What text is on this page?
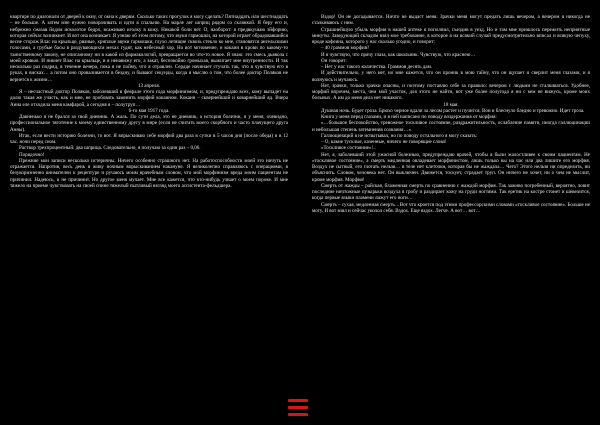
квартире по диагонали от дверей к окну, от окна к дверям. Сколько таких прогулок я могу сделать? Пятнадцать или шестнадцать – не больше. А затем мне нужно поворачивать и идти в спальню. На марле лег шприц рядом со склянкой. Я беру его и, небрежно смазав йодом исколотое бедро, всаживаю иголку в кожу. Никакой боли нет. О, наоборот: я предвкушаю эйфорию, которая сейчас возникнет. И вот она возникает. Я узнаю об этом потому, что звуки гармошки, на которой играет обрадовавшийся весне сторож Влас на крыльце, рваные, хриплые звуки гармошки, глухо летящие сквозь стекло ко мне, становятся ангельскими голосами, а грубые басы в раздувающихся мехах гудят, как небесный хор. Но вот мгновение, и кокаин в крови по какому-то таинственному закону, не описанному ни в какой из фармакологий, превращается во что-то новое. Я знаю: это смесь дьявола с моей кровью. И никнет Влас на крыльце, и я ненавижу его, а закат, беспокойно громыхая, выжигает мне внутренности. И так несколько раз подряд, в течение вечера, пока я не пойму, что я отравлен. Сердце начинает стучать так, что я чувствую его в руках, в висках… а потом оно проваливается в бездну, и бывают секунды, когда я мыслю о том, что более доктор Поляков не вернется к жизни…

13 апреля.

Я – несчастный доктор Поляков, заболевший в феврале этого года морфинизмом, и, предупреждаю всех, кому выпадет на долю такая же участь, как и мне, не пробовать заменить морфий кокаином. Кокаин – сквернейший и коварнейший яд. Вчера Анна еле отходила меня камфарой, а сегодня я – полутруп…

6-го мая 1917 года.

Давненько я не брался за свой дневник. А жаль. По сути дела, это не дневник, а история болезни, и у меня, очевидно, профессиональное тяготение к моему единственному другу в мире (если не считать моего скорбного и часто плачущего друга Анны).

Итак, если вести историю болезни, то вот. Я впрыскиваю себе морфий два раза в сутки в 5 часов дня (после обеда) и в 12 час. ночи перед сном.

Раствор трехпроцентный: два шприца. Следовательно, я получаю за один раз – 0,06.

Порядочно!

Прежние мои записи несколько истеричны. Ничего особенно страшного нет. На работоспособности моей это ничуть не отражается. Напротив, весь день я живу ночным впрыскиванием накануне. Я великолепно справляюсь с операциями, я безукоризненно внимателен к рецептуре и ручаюсь моим врачебным словом, что мой морфинизм вреда моим пациентам не причинил. Надеюсь, и не причинит. Но другое меня мучает. Мне все кажется, что кто-нибудь узнает о моем пороке. И мне тяжело на приеме чувствовать на своей спине тяжелый пытливый взгляд моего ассистента-фельдшера.

Вздор! Он не догадывается. Ничто не выдаст меня. Зрачки меня могут предать лишь вечером, а вечером я никогда не сталкиваюсь с ним.

Страшнейшую убыль морфия в нашей аптеке я пополнил, съездив в уезд. Но и там мне пришлось пережить неприятные минуты. Заведующий складом взял мое требование, в которое я на всякий случай предусмотрительно вписал и всякую чепуху, вроде кофеина, которого у нас сколько угодно, и говорит:

– 40 граммов морфия?

И я чувствую, что прячу глаза, как школьник. Чувствую, что краснею…

Он говорит:

– Нет у нас такого количества. Граммов десять дам.

И действительно, у него нет, но мне кажется, что он проник в мою тайну, что он щупает и сверлит меня глазами, и я волнуюсь и мучаюсь.

Нет, зрачки, только зрачки опасны, и поэтому поставлю себе за правило: вечером с людьми не сталкиваться. Удобнее, морфий впрочем, места, чем мой участок, для этого не найти, вот уже более полугода я ни с кем не вижусь, кроме моих больных. А им до меня дела нет никакого.

18 мая.

Душная ночь. Будет гроза. Брюхо черное вдали за лесом растет и пучится. Вон и блеснуло бледно и тревожно. Идет гроза.

Книга у меня перед глазами, и в ней написано по поводу воздержания от морфия:

«…большое беспокойство, тревожное тоскливое состояние, раздражительность, ослабление памяти, иногда галлюцинации и небольшая степень затемнения сознания…»

Галлюцинаций я не испытывал, но по поводу остального я могу сказать:

– О, какие тусклые, казенные, ничего не говорящие слова!

«Тоскливое состояние»!..

Нет, я, заболевший этой ужасной болезнью, предупреждаю врачей, чтобы я были жалостливее к своим пациентам. Не «тоскливое состояние», а смерть медленная овладевает морфинистом, лишь только вы на час или два лишите его морфия. Воздух не сытный, его глотать нельзя… в теле нет клеточки, которая бы не жаждала… Чего? Этого нельзя ни определить, ни объяснить. Словом, человека нет. Он выключен. Движется, тоскует, страдает труп. Он ничего не хочет, ни о чем не мыслит, кроме морфия. Морфия!

Смерть от жажды – райская, блаженная смерть по сравнению с жаждой морфия. Так заживо погребенный, вероятно, ловит последние ничтожные пузырьки воздуха в гробу и раздирает кожу на груди ногтями. Так еретик на костре стонет и шевелится, когда первые языки пламени лижут его ноги…

Смерть – сухая, медленная смерть…Вот что кроется под этими профессорскими словами «тоскливое состояние». Больше не могу. И вот взял и сейчас уколол себя. Вздох. Еще вздох. Легче. А вот… вот…
